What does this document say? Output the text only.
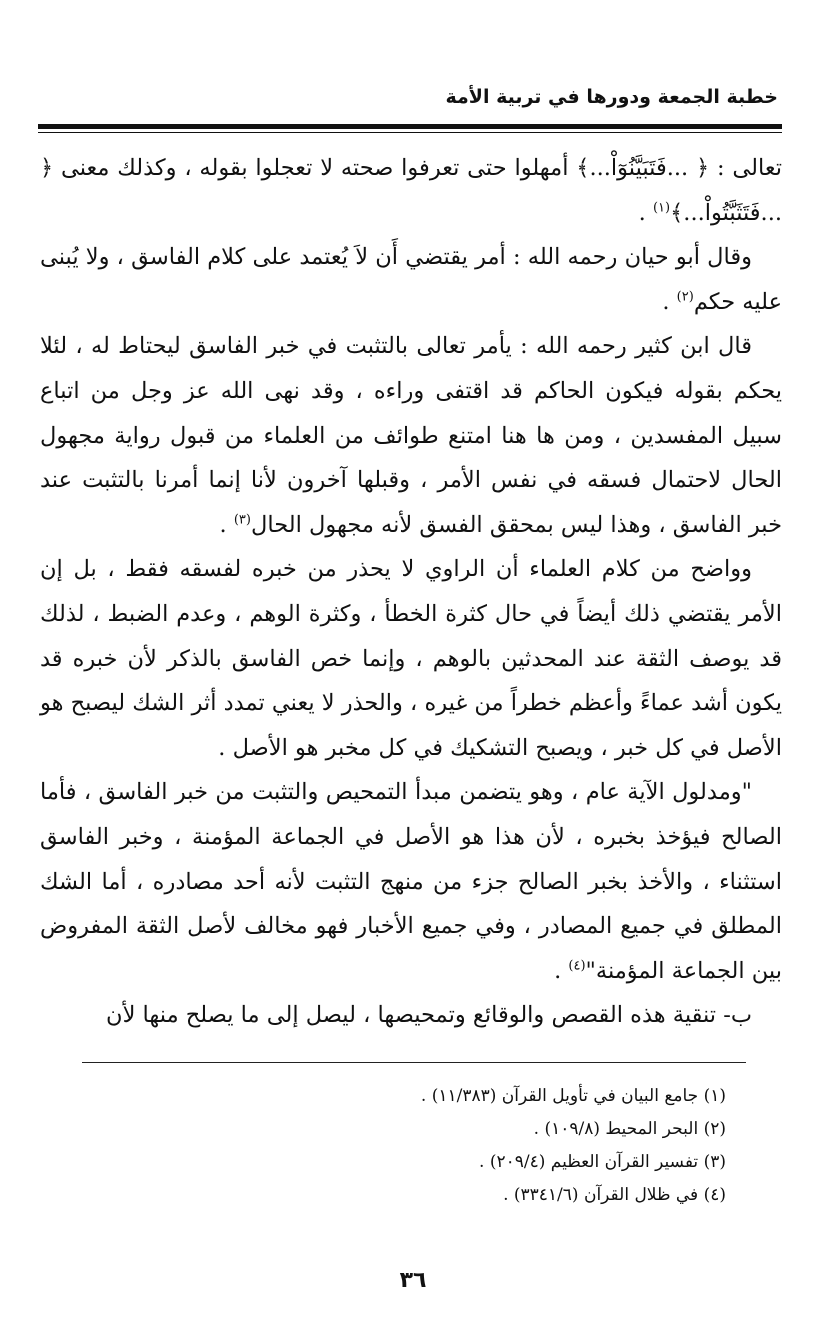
خطبة الجمعة ودورها في تربية الأمة

تعالى : ﴿ ...فَتَبَيَّنُوٓاْ...﴾ أمهلوا حتى تعرفوا صحته لا تعجلوا بقوله ، وكذلك معنى ﴿ ...فَتَثَبَّتُواْ...﴾$^{(١)}$ .

وقال أبو حيان رحمه الله : أمر يقتضي أَن لاَ يُعتمد على كلام الفاسق ، ولا يُبنى عليه حكم$^{(٢)}$ .

قال ابن كثير رحمه الله : يأمر تعالى بالتثبت في خبر الفاسق ليحتاط له ، لئلا يحكم بقوله فيكون الحاكم قد اقتفى وراءه ، وقد نهى الله عز وجل من اتباع سبيل المفسدين ، ومن ها هنا امتنع طوائف من العلماء من قبول رواية مجهول الحال لاحتمال فسقه في نفس الأمر ، وقبلها آخرون لأنا إنما أمرنا بالتثبت عند خبر الفاسق ، وهذا ليس بمحقق الفسق لأنه مجهول الحال$^{(٣)}$ .

وواضح من كلام العلماء أن الراوي لا يحذر من خبره لفسقه فقط ، بل إن الأمر يقتضي ذلك أيضاً في حال كثرة الخطأ ، وكثرة الوهم ، وعدم الضبط ، لذلك قد يوصف الثقة عند المحدثين بالوهم ، وإنما خص الفاسق بالذكر لأن خبره قد يكون أشد عماءً وأعظم خطراً من غيره ، والحذر لا يعني تمدد أثر الشك ليصبح هو الأصل في كل خبر ، ويصبح التشكيك في كل مخبر هو الأصل .

"ومدلول الآية عام ، وهو يتضمن مبدأ التمحيص والتثبت من خبر الفاسق ، فأما الصالح فيؤخذ بخبره ، لأن هذا هو الأصل في الجماعة المؤمنة ، وخبر الفاسق استثناء ، والأخذ بخبر الصالح جزء من منهج التثبت لأنه أحد مصادره ، أما الشك المطلق في جميع المصادر ، وفي جميع الأخبار فهو مخالف لأصل الثقة المفروض بين الجماعة المؤمنة"$^{(٤)}$ .

ب- تنقية هذه القصص والوقائع وتمحيصها ، ليصل إلى ما يصلح منها لأن

(١) جامع البيان في تأويل القرآن (١١/٣٨٣) .
(٢) البحر المحيط (١٠٩/٨) .
(٣) تفسير القرآن العظيم (٢٠٩/٤) .
(٤) في ظلال القرآن (٣٣٤١/٦) .
٣٦
